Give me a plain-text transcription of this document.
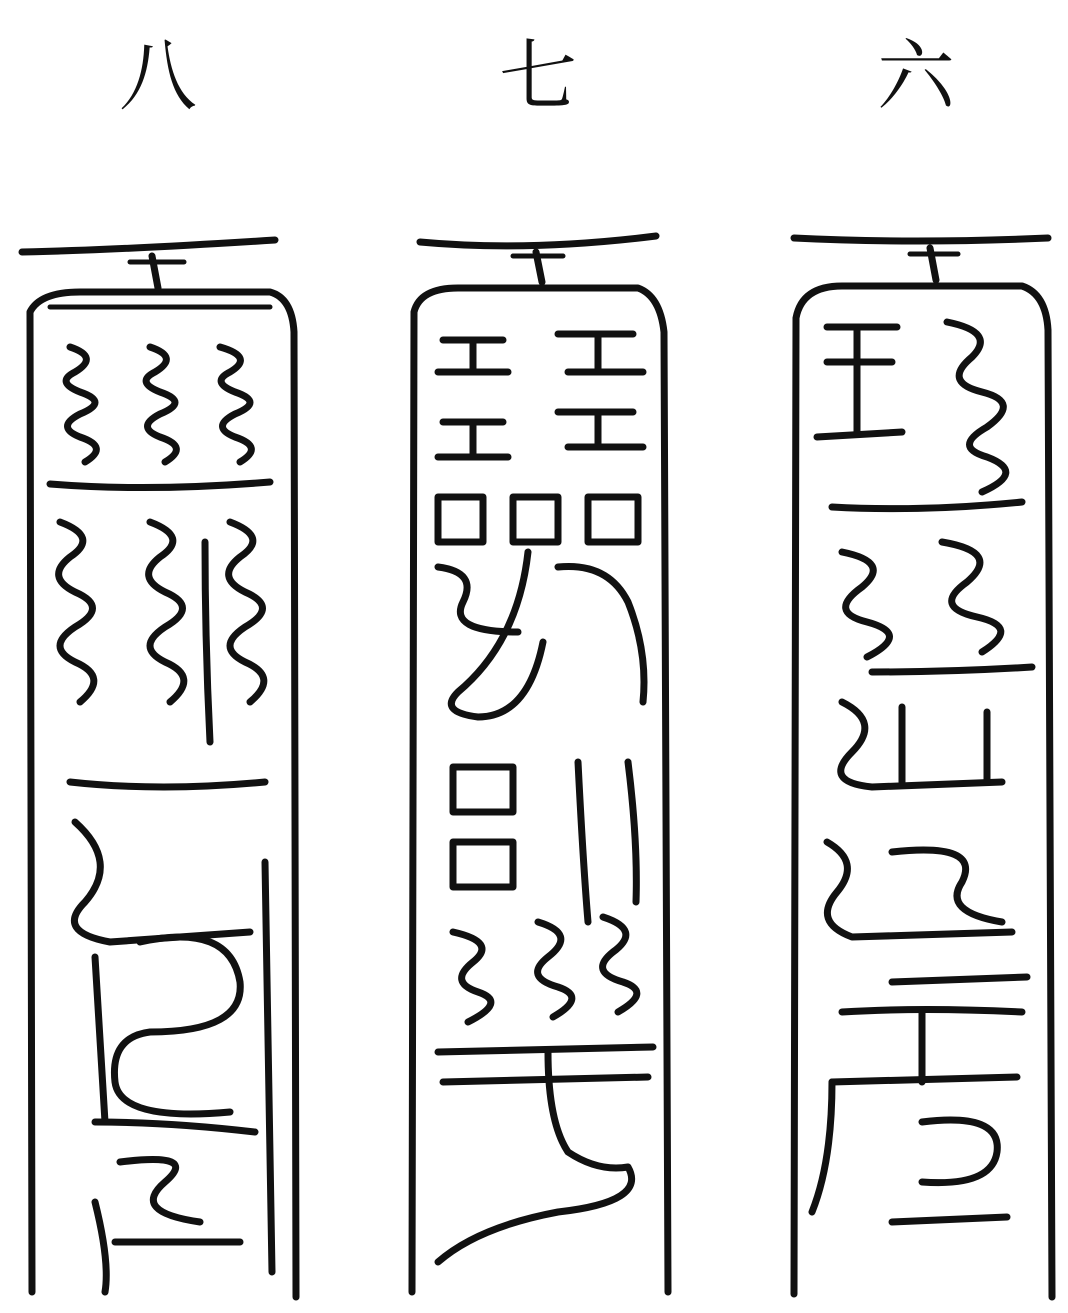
八	七	六
